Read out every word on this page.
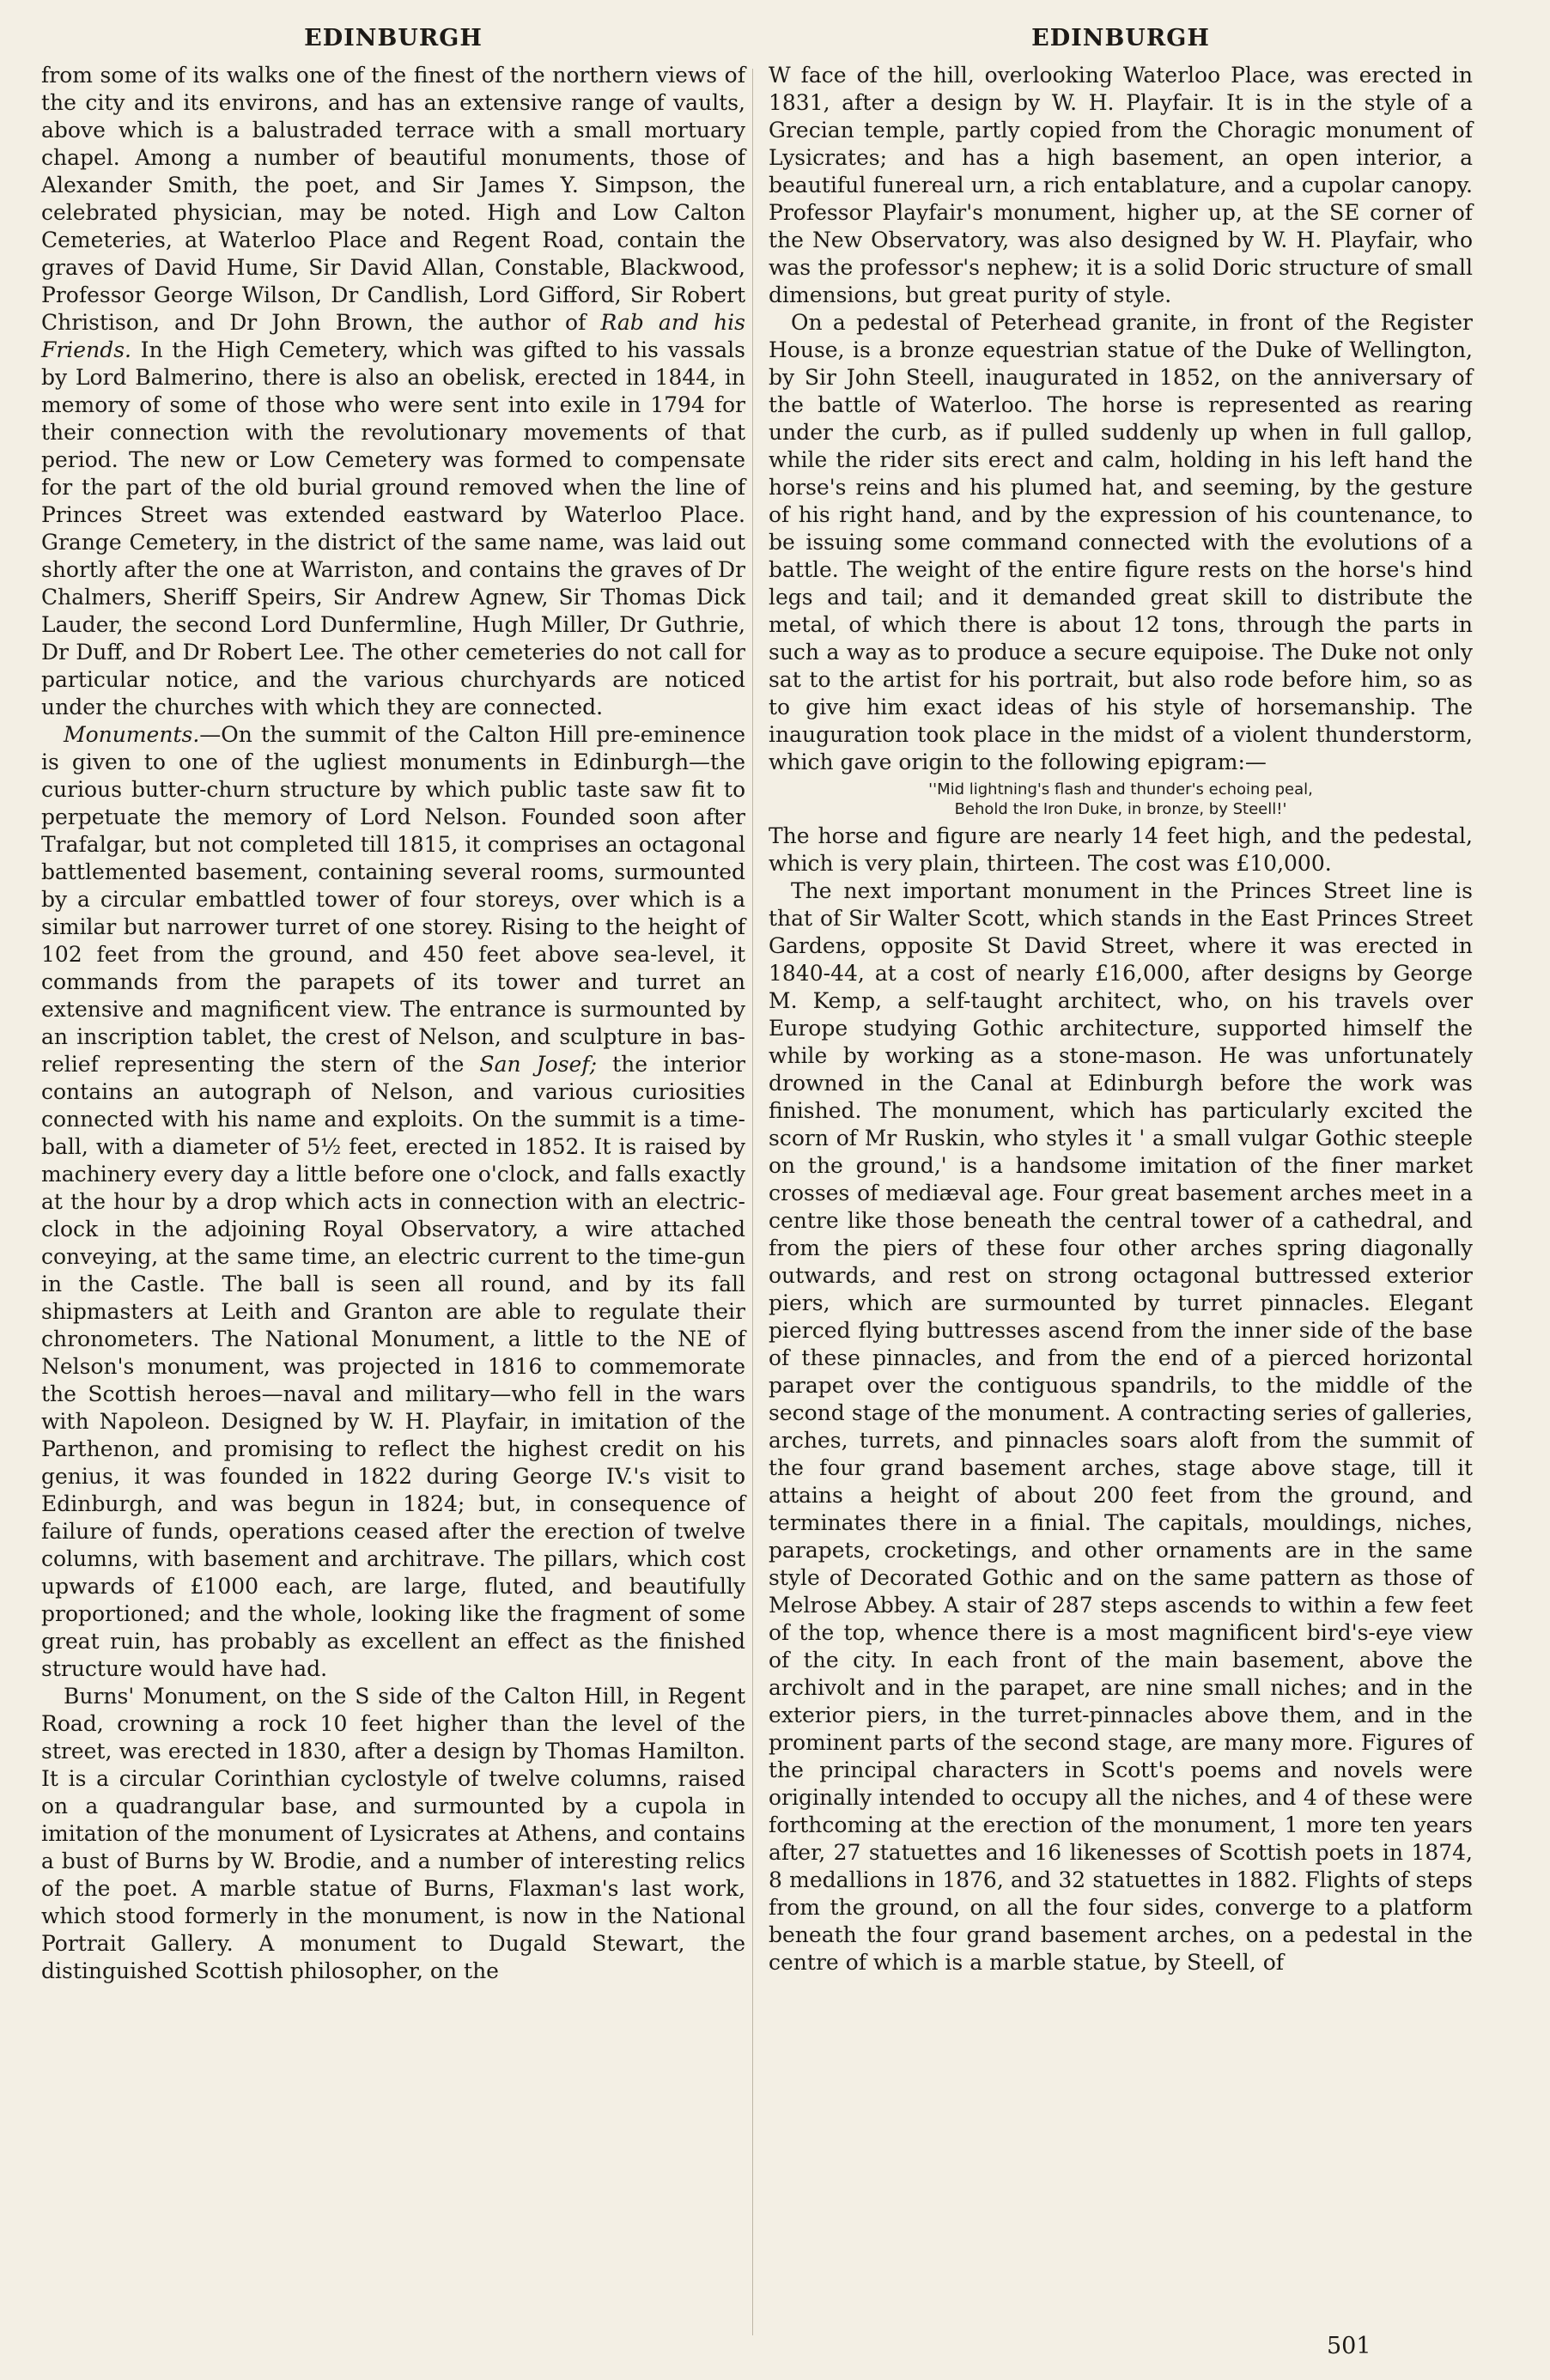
EDINBURGH

from some of its walks one of the finest of the northern views of the city and its environs, and has an extensive range of vaults, above which is a balustraded terrace with a small mortuary chapel. Among a number of beautiful monuments, those of Alexander Smith, the poet, and Sir James Y. Simpson, the celebrated physician, may be noted. High and Low Calton Cemeteries, at Waterloo Place and Regent Road, contain the graves of David Hume, Sir David Allan, Constable, Blackwood, Professor George Wilson, Dr Candlish, Lord Gifford, Sir Robert Christison, and Dr John Brown, the author of Rab and his Friends. In the High Cemetery, which was gifted to his vassals by Lord Balmerino, there is also an obelisk, erected in 1844, in memory of some of those who were sent into exile in 1794 for their connection with the revolutionary movements of that period. The new or Low Cemetery was formed to compensate for the part of the old burial ground removed when the line of Princes Street was extended eastward by Waterloo Place. Grange Cemetery, in the district of the same name, was laid out shortly after the one at Warriston, and contains the graves of Dr Chalmers, Sheriff Speirs, Sir Andrew Agnew, Sir Thomas Dick Lauder, the second Lord Dunfermline, Hugh Miller, Dr Guthrie, Dr Duff, and Dr Robert Lee. The other cemeteries do not call for particular notice, and the various churchyards are noticed under the churches with which they are connected.

Monuments.—On the summit of the Calton Hill pre-eminence is given to one of the ugliest monuments in Edinburgh—the curious butter-churn structure by which public taste saw fit to perpetuate the memory of Lord Nelson. Founded soon after Trafalgar, but not completed till 1815, it comprises an octagonal battlemented basement, containing several rooms, surmounted by a circular embattled tower of four storeys, over which is a similar but narrower turret of one storey. Rising to the height of 102 feet from the ground, and 450 feet above sea-level, it commands from the parapets of its tower and turret an extensive and magnificent view. The entrance is surmounted by an inscription tablet, the crest of Nelson, and sculpture in bas-relief representing the stern of the San Josef; the interior contains an autograph of Nelson, and various curiosities connected with his name and exploits. On the summit is a time-ball, with a diameter of 5½ feet, erected in 1852. It is raised by machinery every day a little before one o'clock, and falls exactly at the hour by a drop which acts in connection with an electric-clock in the adjoining Royal Observatory, a wire attached conveying, at the same time, an electric current to the time-gun in the Castle. The ball is seen all round, and by its fall shipmasters at Leith and Granton are able to regulate their chronometers. The National Monument, a little to the NE of Nelson's monument, was projected in 1816 to commemorate the Scottish heroes—naval and military—who fell in the wars with Napoleon. Designed by W. H. Playfair, in imitation of the Parthenon, and promising to reflect the highest credit on his genius, it was founded in 1822 during George IV.'s visit to Edinburgh, and was begun in 1824; but, in consequence of failure of funds, operations ceased after the erection of twelve columns, with basement and architrave. The pillars, which cost upwards of £1000 each, are large, fluted, and beautifully proportioned; and the whole, looking like the fragment of some great ruin, has probably as excellent an effect as the finished structure would have had.

Burns' Monument, on the S side of the Calton Hill, in Regent Road, crowning a rock 10 feet higher than the level of the street, was erected in 1830, after a design by Thomas Hamilton. It is a circular Corinthian cyclostyle of twelve columns, raised on a quadrangular base, and surmounted by a cupola in imitation of the monument of Lysicrates at Athens, and contains a bust of Burns by W. Brodie, and a number of interesting relics of the poet. A marble statue of Burns, Flaxman's last work, which stood formerly in the monument, is now in the National Portrait Gallery. A monument to Dugald Stewart, the distinguished Scottish philosopher, on the

EDINBURGH

W face of the hill, overlooking Waterloo Place, was erected in 1831, after a design by W. H. Playfair. It is in the style of a Grecian temple, partly copied from the Choragic monument of Lysicrates; and has a high basement, an open interior, a beautiful funereal urn, a rich entablature, and a cupolar canopy. Professor Playfair's monument, higher up, at the SE corner of the New Observatory, was also designed by W. H. Playfair, who was the professor's nephew; it is a solid Doric structure of small dimensions, but great purity of style.

On a pedestal of Peterhead granite, in front of the Register House, is a bronze equestrian statue of the Duke of Wellington, by Sir John Steell, inaugurated in 1852, on the anniversary of the battle of Waterloo. The horse is represented as rearing under the curb, as if pulled suddenly up when in full gallop, while the rider sits erect and calm, holding in his left hand the horse's reins and his plumed hat, and seeming, by the gesture of his right hand, and by the expression of his countenance, to be issuing some command connected with the evolutions of a battle. The weight of the entire figure rests on the horse's hind legs and tail; and it demanded great skill to distribute the metal, of which there is about 12 tons, through the parts in such a way as to produce a secure equipoise. The Duke not only sat to the artist for his portrait, but also rode before him, so as to give him exact ideas of his style of horsemanship. The inauguration took place in the midst of a violent thunderstorm, which gave origin to the following epigram:—

''Mid lightning's flash and thunder's echoing peal,
Behold the Iron Duke, in bronze, by Steell!'

The horse and figure are nearly 14 feet high, and the pedestal, which is very plain, thirteen. The cost was £10,000.

The next important monument in the Princes Street line is that of Sir Walter Scott, which stands in the East Princes Street Gardens, opposite St David Street, where it was erected in 1840-44, at a cost of nearly £16,000, after designs by George M. Kemp, a self-taught architect, who, on his travels over Europe studying Gothic architecture, supported himself the while by working as a stone-mason. He was unfortunately drowned in the Canal at Edinburgh before the work was finished. The monument, which has particularly excited the scorn of Mr Ruskin, who styles it ' a small vulgar Gothic steeple on the ground,' is a handsome imitation of the finer market crosses of mediæval age. Four great basement arches meet in a centre like those beneath the central tower of a cathedral, and from the piers of these four other arches spring diagonally outwards, and rest on strong octagonal buttressed exterior piers, which are surmounted by turret pinnacles. Elegant pierced flying buttresses ascend from the inner side of the base of these pinnacles, and from the end of a pierced horizontal parapet over the contiguous spandrils, to the middle of the second stage of the monument. A contracting series of galleries, arches, turrets, and pinnacles soars aloft from the summit of the four grand basement arches, stage above stage, till it attains a height of about 200 feet from the ground, and terminates there in a finial. The capitals, mouldings, niches, parapets, crocketings, and other ornaments are in the same style of Decorated Gothic and on the same pattern as those of Melrose Abbey. A stair of 287 steps ascends to within a few feet of the top, whence there is a most magnificent bird's-eye view of the city. In each front of the main basement, above the archivolt and in the parapet, are nine small niches; and in the exterior piers, in the turret-pinnacles above them, and in the prominent parts of the second stage, are many more. Figures of the principal characters in Scott's poems and novels were originally intended to occupy all the niches, and 4 of these were forthcoming at the erection of the monument, 1 more ten years after, 27 statuettes and 16 likenesses of Scottish poets in 1874, 8 medallions in 1876, and 32 statuettes in 1882. Flights of steps from the ground, on all the four sides, converge to a platform beneath the four grand basement arches, on a pedestal in the centre of which is a marble statue, by Steell, of

501
